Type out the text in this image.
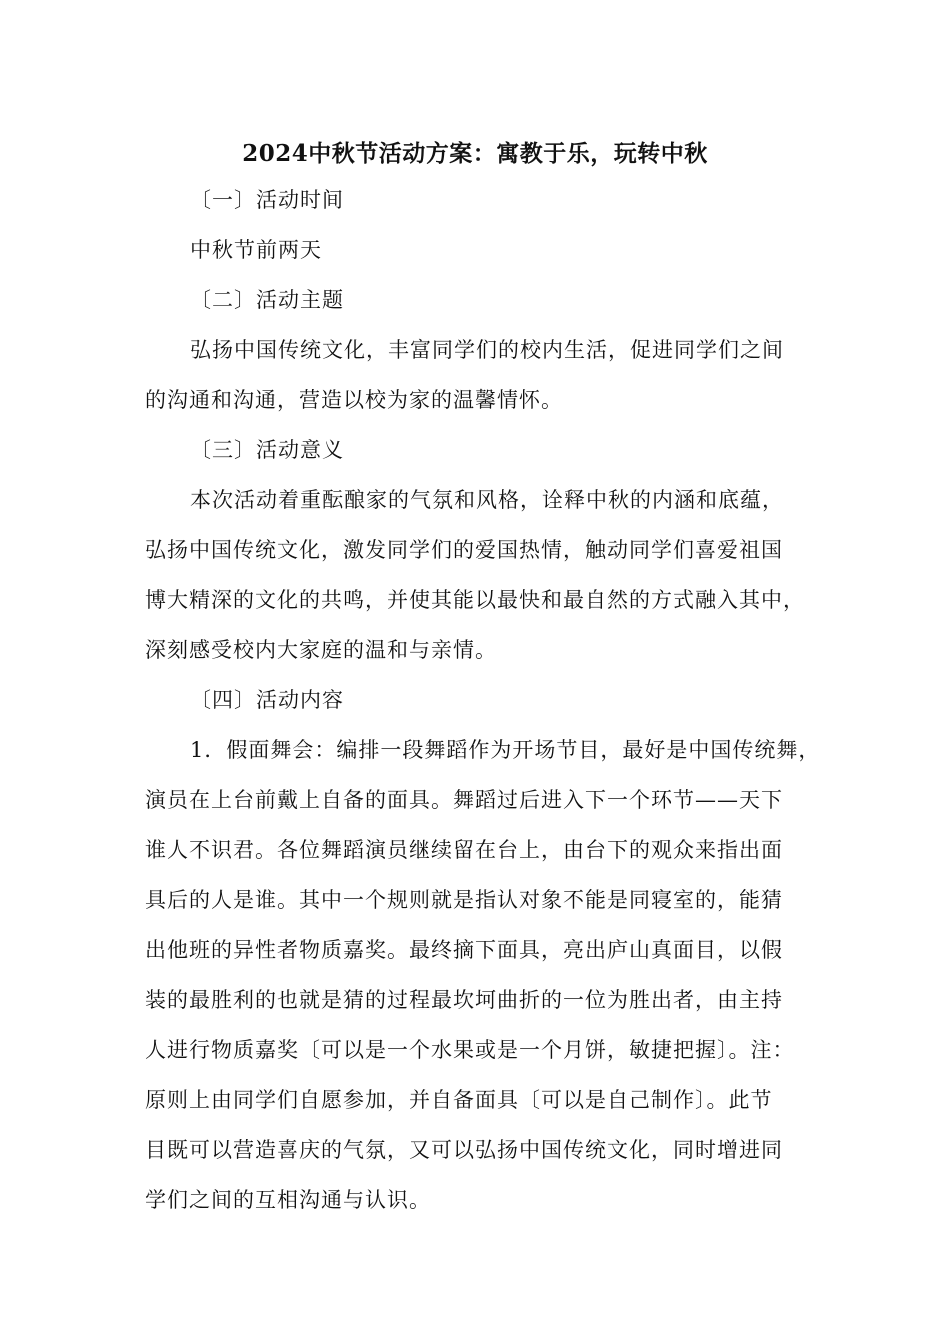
2024中秋节活动方案：寓教于乐，玩转中秋
〔一〕活动时间
中秋节前两天
〔二〕活动主题
弘扬中国传统文化，丰富同学们的校内生活，促进同学们之间
的沟通和沟通，营造以校为家的温馨情怀。
〔三〕活动意义
本次活动着重酝酿家的气氛和风格，诠释中秋的内涵和底蕴，
弘扬中国传统文化，激发同学们的爱国热情，触动同学们喜爱祖国
博大精深的文化的共鸣，并使其能以最快和最自然的方式融入其中，
深刻感受校内大家庭的温和与亲情。
〔四〕活动内容
1．假面舞会：编排一段舞蹈作为开场节目，最好是中国传统舞，
演员在上台前戴上自备的面具。舞蹈过后进入下一个环节——天下
谁人不识君。各位舞蹈演员继续留在台上，由台下的观众来指出面
具后的人是谁。其中一个规则就是指认对象不能是同寝室的，能猜
出他班的异性者物质嘉奖。最终摘下面具，亮出庐山真面目，以假
装的最胜利的也就是猜的过程最坎坷曲折的一位为胜出者，由主持
人进行物质嘉奖〔可以是一个水果或是一个月饼，敏捷把握〕。注：
原则上由同学们自愿参加，并自备面具〔可以是自己制作〕。此节
目既可以营造喜庆的气氛，又可以弘扬中国传统文化，同时增进同
学们之间的互相沟通与认识。
